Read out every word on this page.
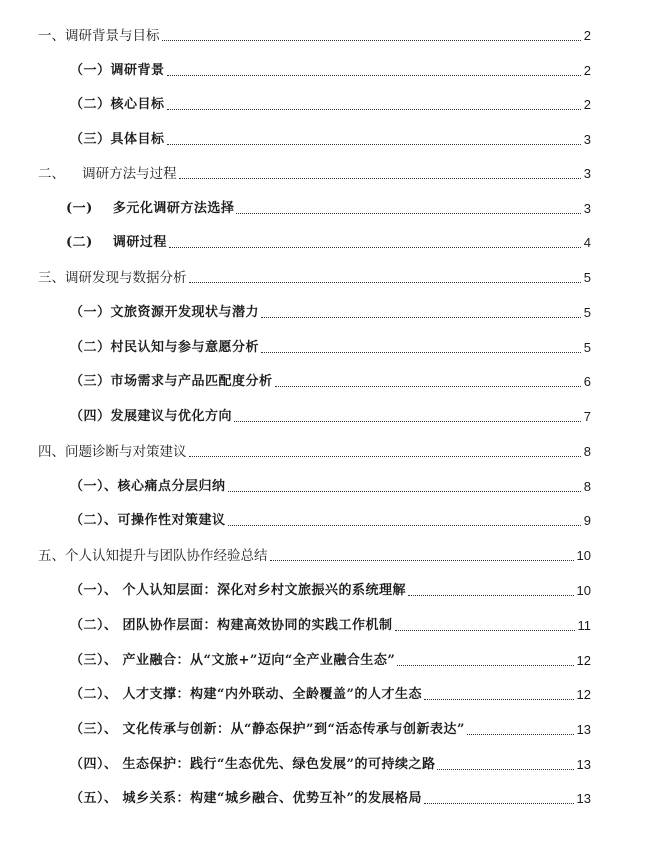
一、调研背景与目标	2
（一）调研背景	2
（二）核心目标	2
（三）具体目标	3
二、    调研方法与过程	3
(一)    多元化调研方法选择	3
(二)    调研过程	4
三、调研发现与数据分析	5
（一）文旅资源开发现状与潜力	5
（二）村民认知与参与意愿分析	5
（三）市场需求与产品匹配度分析	6
（四）发展建议与优化方向	7
四、问题诊断与对策建议	8
（一）、核心痛点分层归纳	8
（二）、可操作性对策建议	9
五、个人认知提升与团队协作经验总结	10
（一）、 个人认知层面：深化对乡村文旅振兴的系统理解	10
（二）、 团队协作层面：构建高效协同的实践工作机制	11
（三）、 产业融合：从“文旅+”迈向“全产业融合生态”	12
（二）、 人才支撑：构建“内外联动、全龄覆盖”的人才生态	12
（三）、 文化传承与创新：从“静态保护”到“活态传承与创新表达”	13
（四）、 生态保护：践行“生态优先、绿色发展”的可持续之路	13
（五）、 城乡关系：构建“城乡融合、优势互补”的发展格局	13
